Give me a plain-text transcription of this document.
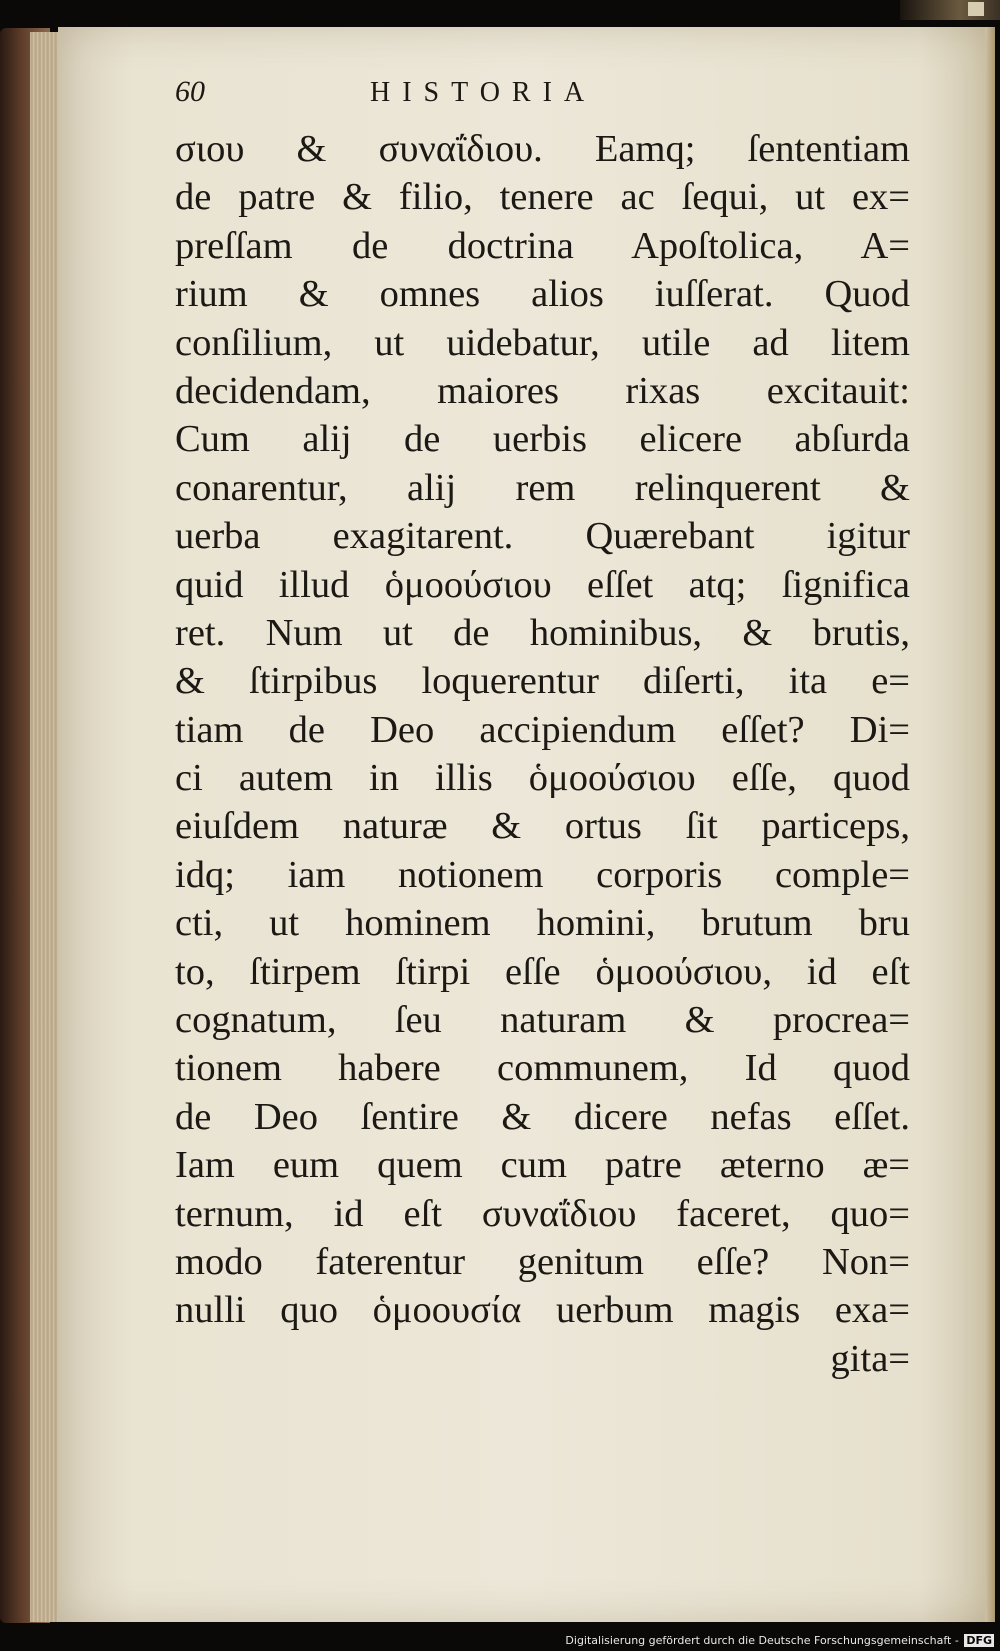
60	HISTORIA
σιου & συναΐδιου. Eamq; ſententiam
de patre & filio, tenere ac ſequi, ut ex=
preſſam de doctrina Apoſtolica, A=
rium & omnes alios iuſſerat. Quod
conſilium, ut uidebatur, utile ad litem
decidendam, maiores rixas excitauit:
Cum alij de uerbis elicere abſurda
conarentur, alij rem relinquerent &
uerba exagitarent. Quærebant igitur
quid illud ὁμοούσιου eſſet atq; ſignifica
ret. Num ut de hominibus, & brutis,
& ſtirpibus loquerentur diſerti, ita e=
tiam de Deo accipiendum eſſet? Di=
ci autem in illis ὁμοούσιου eſſe, quod
eiuſdem naturæ & ortus ſit particeps,
idq; iam notionem corporis comple=
cti, ut hominem homini, brutum bru
to, ſtirpem ſtirpi eſſe ὁμοούσιου, id eſt
cognatum, ſeu naturam & procrea=
tionem habere communem, Id quod
de Deo ſentire & dicere nefas eſſet.
Iam eum quem cum patre æterno æ=
ternum, id eſt συναΐδιου faceret, quo=
modo faterentur genitum eſſe? Non=
nulli quo ὁμοουσία uerbum magis exa=
gita=
Digitalisierung gefördert durch die Deutsche Forschungsgemeinschaft - DFG
